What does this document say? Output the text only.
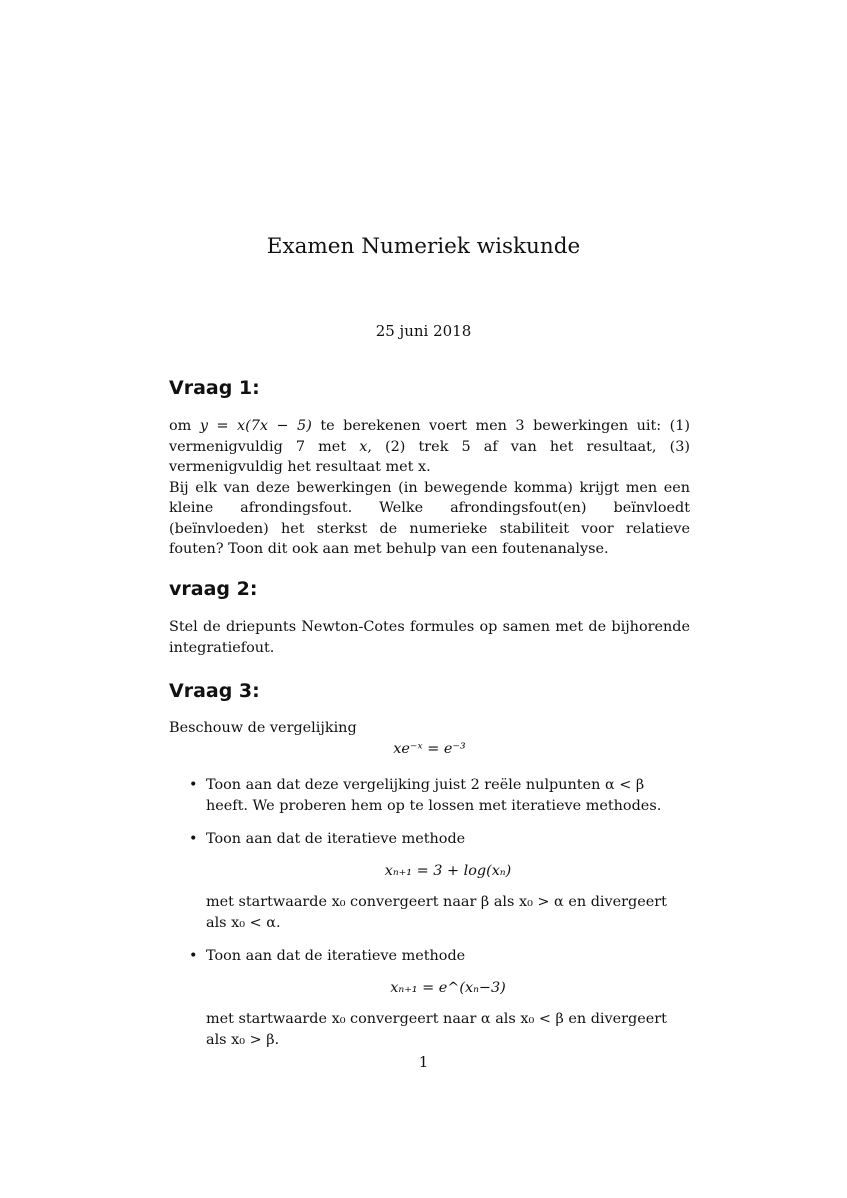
Examen Numeriek wiskunde

25 juni 2018

Vraag 1:

om y = x(7x − 5) te berekenen voert men 3 bewerkingen uit: (1) vermenigvuldig 7 met x, (2) trek 5 af van het resultaat, (3) vermenigvuldig het resultaat met x.

Bij elk van deze bewerkingen (in bewegende komma) krijgt men een kleine afrondingsfout. Welke afrondingsfout(en) beïnvloedt (beïnvloeden) het sterkst de numerieke stabiliteit voor relatieve fouten? Toon dit ook aan met behulp van een foutenanalyse.

vraag 2:

Stel de driepunts Newton-Cotes formules op samen met de bijhorende integratiefout.

Vraag 3:

Beschouw de vergelijking

xe⁻ˣ = e⁻³

• Toon aan dat deze vergelijking juist 2 reële nulpunten α < β heeft. We proberen hem op te lossen met iteratieve methodes.
• Toon aan dat de iteratieve methode

xₙ₊₁ = 3 + log(xₙ)

met startwaarde x₀ convergeert naar β als x₀ > α en divergeert als x₀ < α.
• Toon aan dat de iteratieve methode

xₙ₊₁ = e^(xₙ−3)

met startwaarde x₀ convergeert naar α als x₀ < β en divergeert als x₀ > β.
1
